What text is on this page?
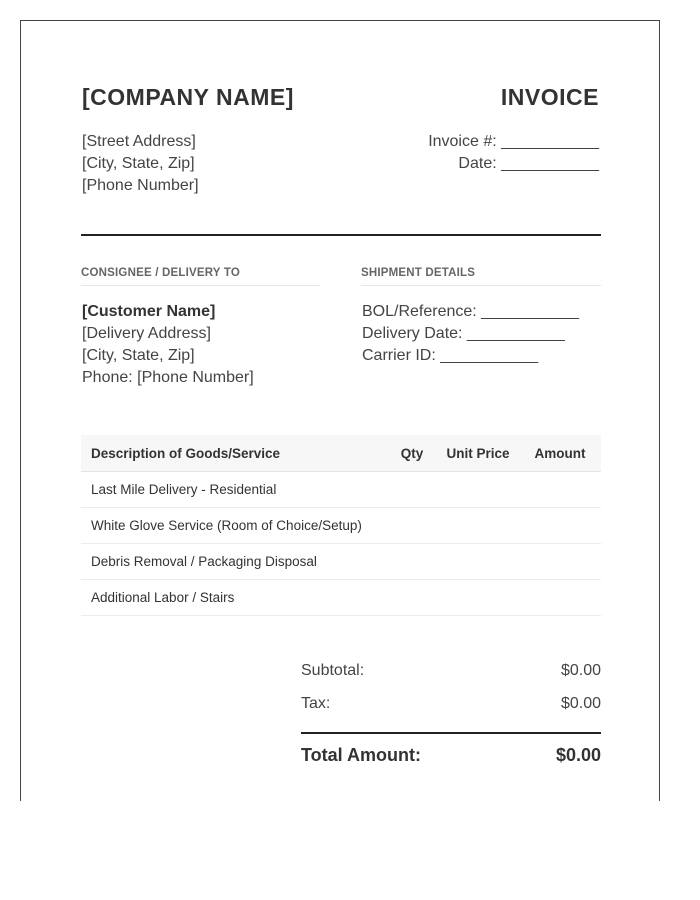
[COMPANY NAME]	INVOICE
[Street Address]
[City, State, Zip]
[Phone Number]
Invoice #: ___________
Date: ___________
CONSIGNEE / DELIVERY TO	SHIPMENT DETAILS
[Customer Name]
[Delivery Address]
[City, State, Zip]
Phone: [Phone Number]
BOL/Reference: ___________
Delivery Date: ___________
Carrier ID: ___________
Description of Goods/Service	Qty	Unit Price	Amount
Last Mile Delivery - Residential			
White Glove Service (Room of Choice/Setup)			
Debris Removal / Packaging Disposal			
Additional Labor / Stairs			
Subtotal:	$0.00
Tax:	$0.00
Total Amount:	$0.00
